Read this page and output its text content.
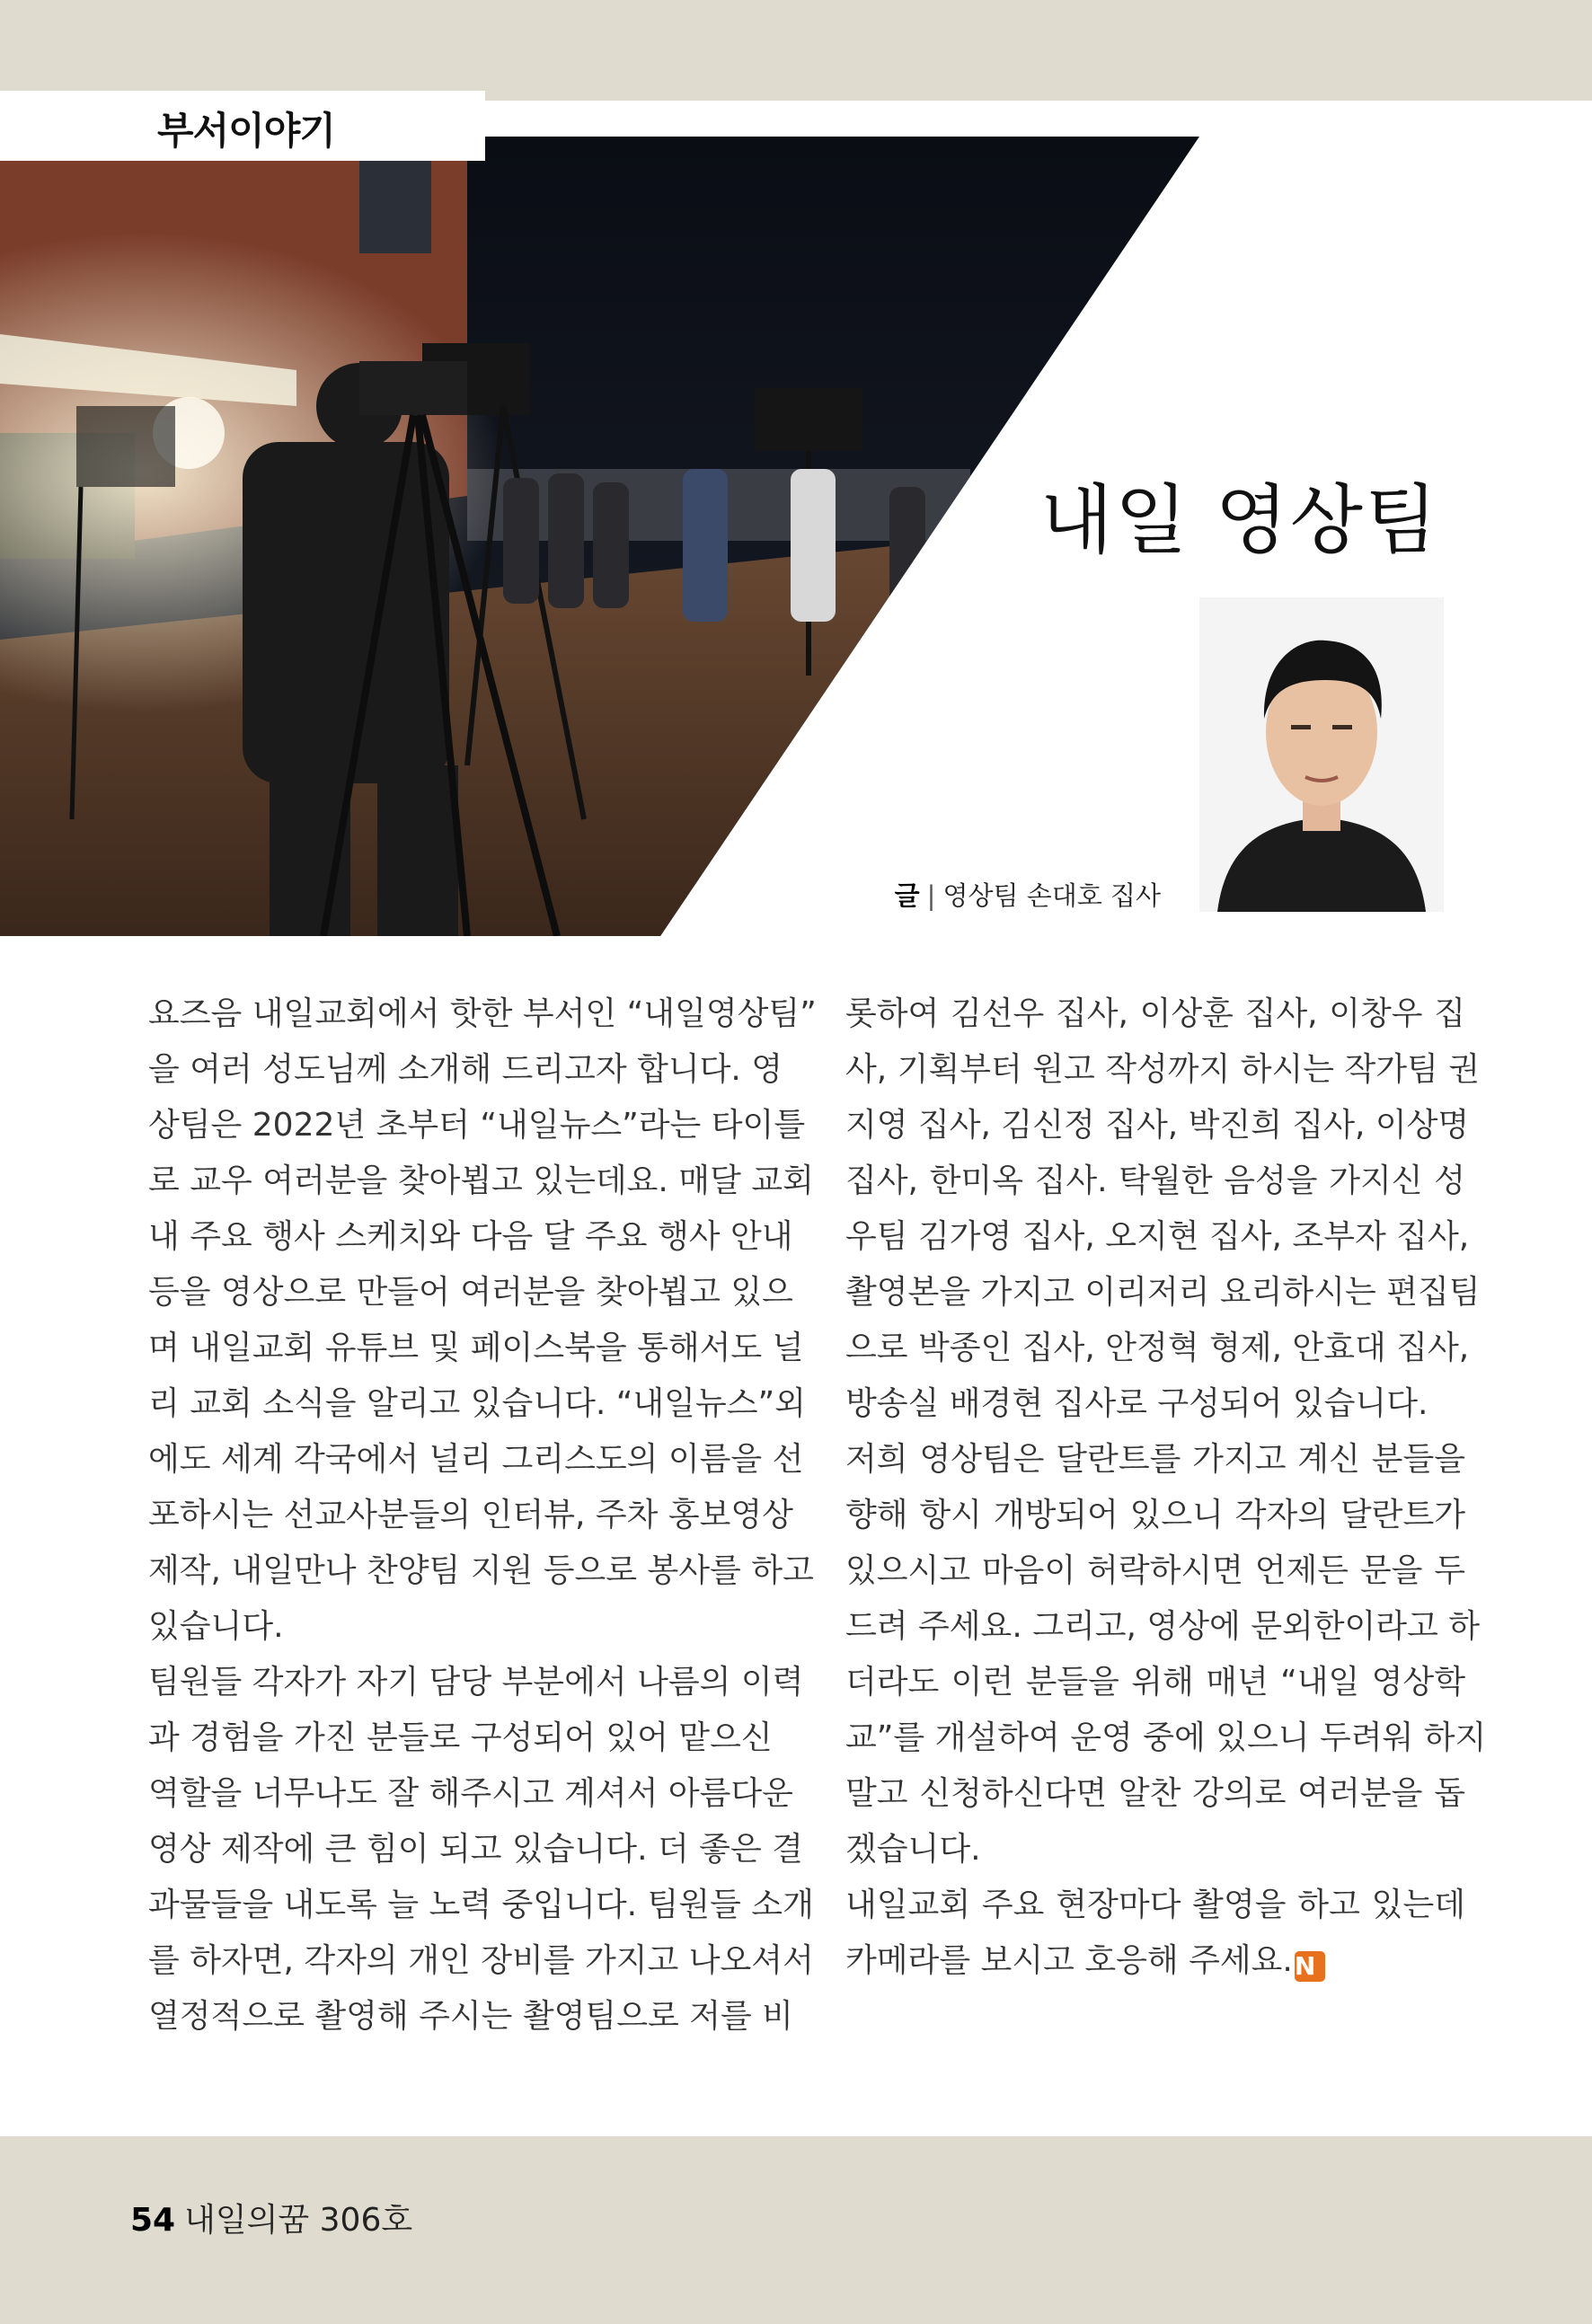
부서이야기
내일 영상팀
글 | 영상팀 손대호 집사

요즈음 내일교회에서 핫한 부서인 “내일영상팀”
을 여러 성도님께 소개해 드리고자 합니다. 영
상팀은 2022년 초부터 “내일뉴스”라는 타이틀
로 교우 여러분을 찾아뵙고 있는데요. 매달 교회
내 주요 행사 스케치와 다음 달 주요 행사 안내
등을 영상으로 만들어 여러분을 찾아뵙고 있으
며 내일교회 유튜브 및 페이스북을 통해서도 널
리 교회 소식을 알리고 있습니다. “내일뉴스”외
에도 세계 각국에서 널리 그리스도의 이름을 선
포하시는 선교사분들의 인터뷰, 주차 홍보영상
제작, 내일만나 찬양팀 지원 등으로 봉사를 하고
있습니다.

팀원들 각자가 자기 담당 부분에서 나름의 이력
과 경험을 가진 분들로 구성되어 있어 맡으신
역할을 너무나도 잘 해주시고 계셔서 아름다운
영상 제작에 큰 힘이 되고 있습니다. 더 좋은 결
과물들을 내도록 늘 노력 중입니다. 팀원들 소개
를 하자면, 각자의 개인 장비를 가지고 나오셔서
열정적으로 촬영해 주시는 촬영팀으로 저를 비

롯하여 김선우 집사, 이상훈 집사, 이창우 집
사, 기획부터 원고 작성까지 하시는 작가팀 권
지영 집사, 김신정 집사, 박진희 집사, 이상명
집사, 한미옥 집사. 탁월한 음성을 가지신 성
우팀 김가영 집사, 오지현 집사, 조부자 집사,
촬영본을 가지고 이리저리 요리하시는 편집팀
으로 박종인 집사, 안정혁 형제, 안효대 집사,
방송실 배경현 집사로 구성되어 있습니다.

저희 영상팀은 달란트를 가지고 계신 분들을
향해 항시 개방되어 있으니 각자의 달란트가
있으시고 마음이 허락하시면 언제든 문을 두
드려 주세요. 그리고, 영상에 문외한이라고 하
더라도 이런 분들을 위해 매년 “내일 영상학
교”를 개설하여 운영 중에 있으니 두려워 하지
말고 신청하신다면 알찬 강의로 여러분을 돕
겠습니다.

내일교회 주요 현장마다 촬영을 하고 있는데
카메라를 보시고 호응해 주세요.N

54 내일의꿈 306호
